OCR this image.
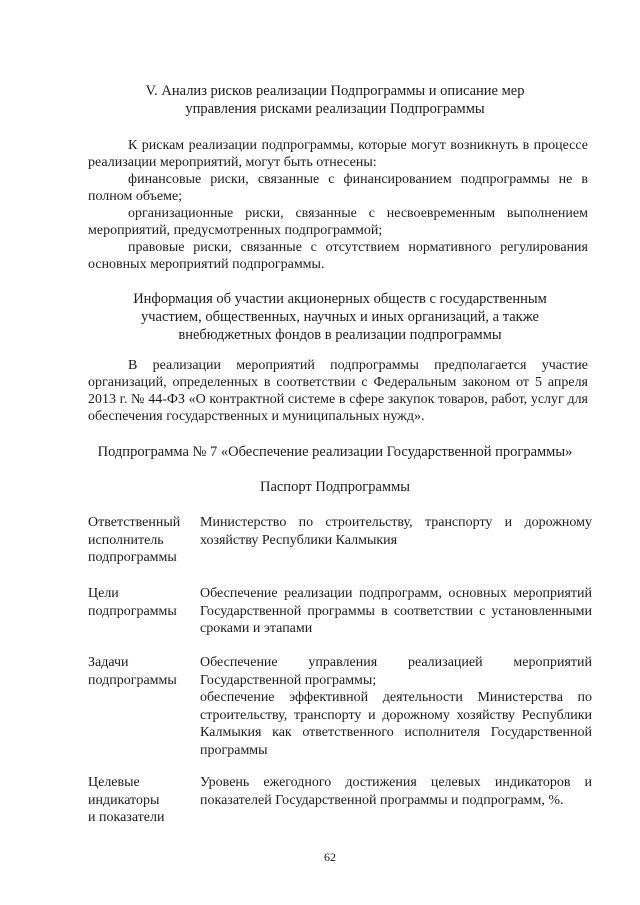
V. Анализ рисков реализации Подпрограммы и описание мер
управления рисками реализации Подпрограммы
К рискам реализации подпрограммы, которые могут возникнуть в процессе реализации мероприятий, могут быть отнесены:
финансовые риски, связанные с финансированием подпрограммы не в полном объеме;
организационные риски, связанные с несвоевременным выполнением мероприятий, предусмотренных подпрограммой;
правовые риски, связанные с отсутствием нормативного регулирования основных мероприятий подпрограммы.
Информация об участии акционерных обществ с государственным
участием, общественных, научных и иных организаций, а также
внебюджетных фондов в реализации подпрограммы
В реализации мероприятий подпрограммы предполагается участие организаций, определенных в соответствии с Федеральным законом от 5 апреля 2013 г. № 44-ФЗ «О контрактной системе в сфере закупок товаров, работ, услуг для обеспечения государственных и муниципальных нужд».
Подпрограмма № 7 «Обеспечение реализации Государственной программы»
Паспорт Подпрограммы
Ответственный
исполнитель
подпрограммы
Министерство по строительству, транспорту и дорожному хозяйству Республики Калмыкия
Цели
подпрограммы
Обеспечение реализации подпрограмм, основных мероприятий Государственной программы в соответствии с установленными сроками и этапами
Задачи
подпрограммы
Обеспечение управления реализацией мероприятий Государственной программы;
обеспечение эффективной деятельности Министерства по строительству, транспорту и дорожному хозяйству Республики Калмыкия как ответственного исполнителя Государственной программы
Целевые
индикаторы
и показатели
Уровень ежегодного достижения целевых индикаторов и показателей Государственной программы и подпрограмм, %.
62
